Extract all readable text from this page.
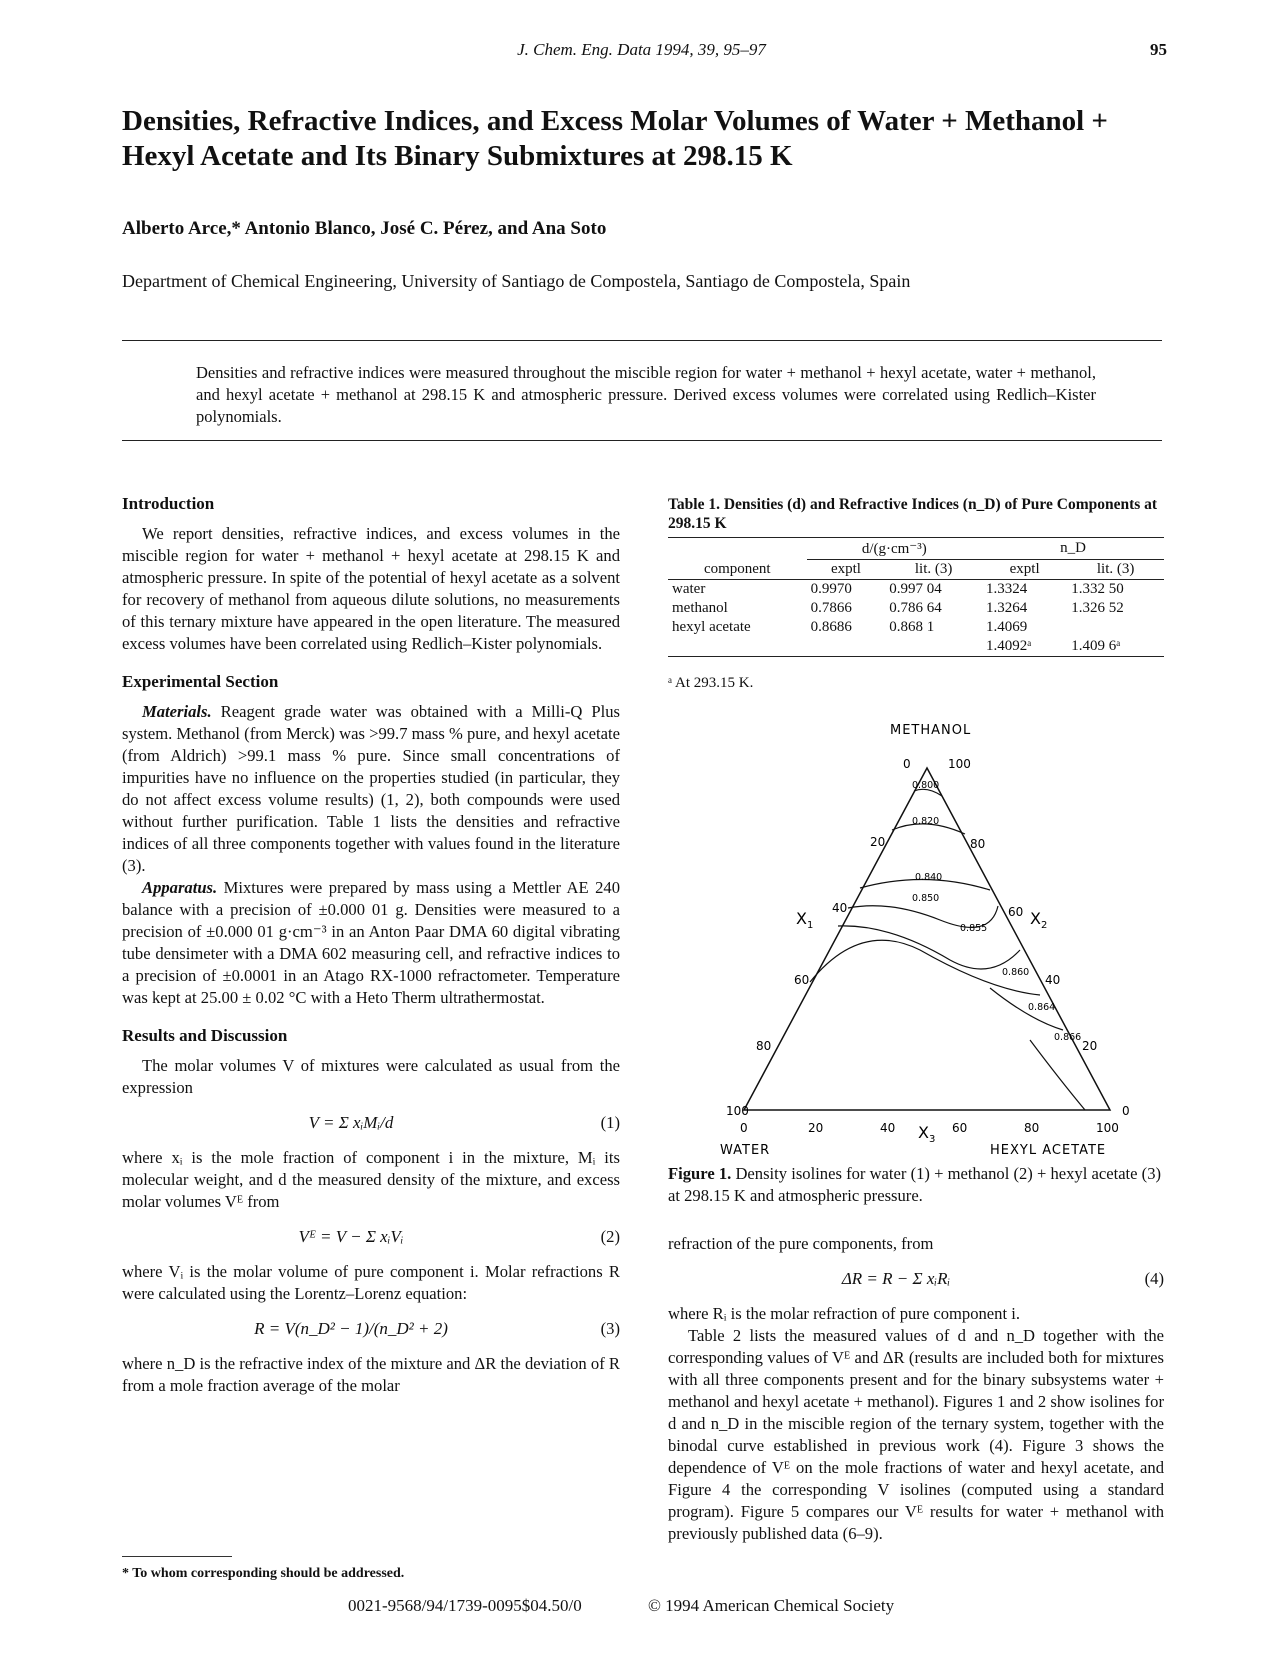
J. Chem. Eng. Data 1994, 39, 95–97	95
Densities, Refractive Indices, and Excess Molar Volumes of Water + Methanol + Hexyl Acetate and Its Binary Submixtures at 298.15 K
Alberto Arce,* Antonio Blanco, José C. Pérez, and Ana Soto
Department of Chemical Engineering, University of Santiago de Compostela, Santiago de Compostela, Spain
Densities and refractive indices were measured throughout the miscible region for water + methanol + hexyl acetate, water + methanol, and hexyl acetate + methanol at 298.15 K and atmospheric pressure. Derived excess volumes were correlated using Redlich–Kister polynomials.
Introduction

We report densities, refractive indices, and excess volumes in the miscible region for water + methanol + hexyl acetate at 298.15 K and atmospheric pressure. In spite of the potential of hexyl acetate as a solvent for recovery of methanol from aqueous dilute solutions, no measurements of this ternary mixture have appeared in the open literature. The measured excess volumes have been correlated using Redlich–Kister polynomials.

Experimental Section

Materials. Reagent grade water was obtained with a Milli-Q Plus system. Methanol (from Merck) was >99.7 mass % pure, and hexyl acetate (from Aldrich) >99.1 mass % pure. Since small concentrations of impurities have no influence on the properties studied (in particular, they do not affect excess volume results) (1, 2), both compounds were used without further purification. Table 1 lists the densities and refractive indices of all three components together with values found in the literature (3).

Apparatus. Mixtures were prepared by mass using a Mettler AE 240 balance with a precision of ±0.000 01 g. Densities were measured to a precision of ±0.000 01 g·cm⁻³ in an Anton Paar DMA 60 digital vibrating tube densimeter with a DMA 602 measuring cell, and refractive indices to a precision of ±0.0001 in an Atago RX-1000 refractometer. Temperature was kept at 25.00 ± 0.02 °C with a Heto Therm ultrathermostat.

Results and Discussion

The molar volumes V of mixtures were calculated as usual from the expression

V = Σ xᵢMᵢ/d	(1)

where xᵢ is the mole fraction of component i in the mixture, Mᵢ its molecular weight, and d the measured density of the mixture, and excess molar volumes Vᴱ from

Vᴱ = V − Σ xᵢVᵢ	(2)

where Vᵢ is the molar volume of pure component i. Molar refractions R were calculated using the Lorentz–Lorenz equation:

R = V(n_D² − 1)/(n_D² + 2)	(3)

where n_D is the refractive index of the mixture and ΔR the deviation of R from a mole fraction average of the molar

* To whom corresponding should be addressed.
Table 1. Densities (d) and Refractive Indices (n_D) of Pure Components at 298.15 K
	d/(g·cm⁻³)		n_D	
component	exptl	lit. (3)	exptl	lit. (3)
water	0.9970	0.997 04	1.3324	1.332 50
methanol	0.7866	0.786 64	1.3264	1.326 52
hexyl acetate	0.8686	0.868 1	1.4069	
			1.4092ᵃ	1.409 6ᵃ
ᵃ At 293.15 K.
METHANOL
0	100
0.800
0.820
0.840
0.850
0.855
0.860
0.864
0.866
100
80
60
40
20
0
20
40
60
80
0	20	40	60	80	100
$X_1$	$X_2$
$X_3$
WATER	HEXYL ACETATE
Figure 1. Density isolines for water (1) + methanol (2) + hexyl acetate (3) at 298.15 K and atmospheric pressure.

refraction of the pure components, from

ΔR = R − Σ xᵢRᵢ	(4)

where Rᵢ is the molar refraction of pure component i.

Table 2 lists the measured values of d and n_D together with the corresponding values of Vᴱ and ΔR (results are included both for mixtures with all three components present and for the binary subsystems water + methanol and hexyl acetate + methanol). Figures 1 and 2 show isolines for d and n_D in the miscible region of the ternary system, together with the binodal curve established in previous work (4). Figure 3 shows the dependence of Vᴱ on the mole fractions of water and hexyl acetate, and Figure 4 the corresponding V isolines (computed using a standard program). Figure 5 compares our Vᴱ results for water + methanol with previously published data (6–9).

0021-9568/94/1739-0095$04.50/0	© 1994 American Chemical Society
